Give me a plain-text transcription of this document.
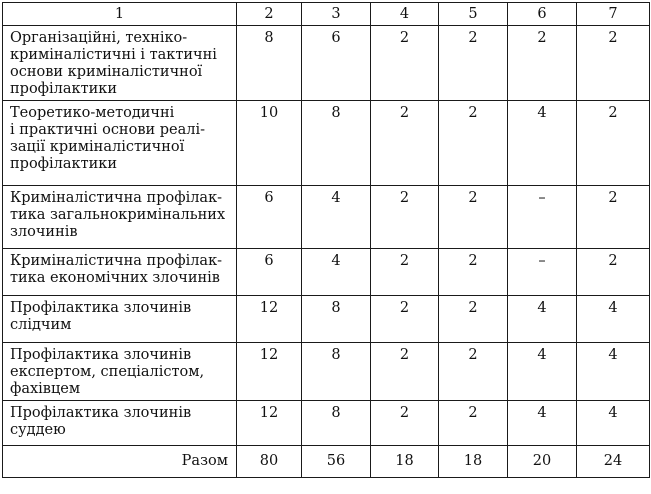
1	2	3	4	5	6	7

Організаційні, техніко-
криміналістичні і тактичні
основи криміналістичної
профілактики	8	6	2	2	2	2

Теоретико-методичні
і практичні основи реалі-
зації криміналістичної
профілактики	10	8	2	2	4	2

Криміналістична профілак-
тика загальнокримінальних
злочинів	6	4	2	2	–	2

Криміналістична профілак-
тика економічних злочинів	6	4	2	2	–	2

Профілактика злочинів
слідчим	12	8	2	2	4	4

Профілактика злочинів
експертом, спеціалістом,
фахівцем	12	8	2	2	4	4

Профілактика злочинів
суддею	12	8	2	2	4	4
Разом	80	56	18	18	20	24
